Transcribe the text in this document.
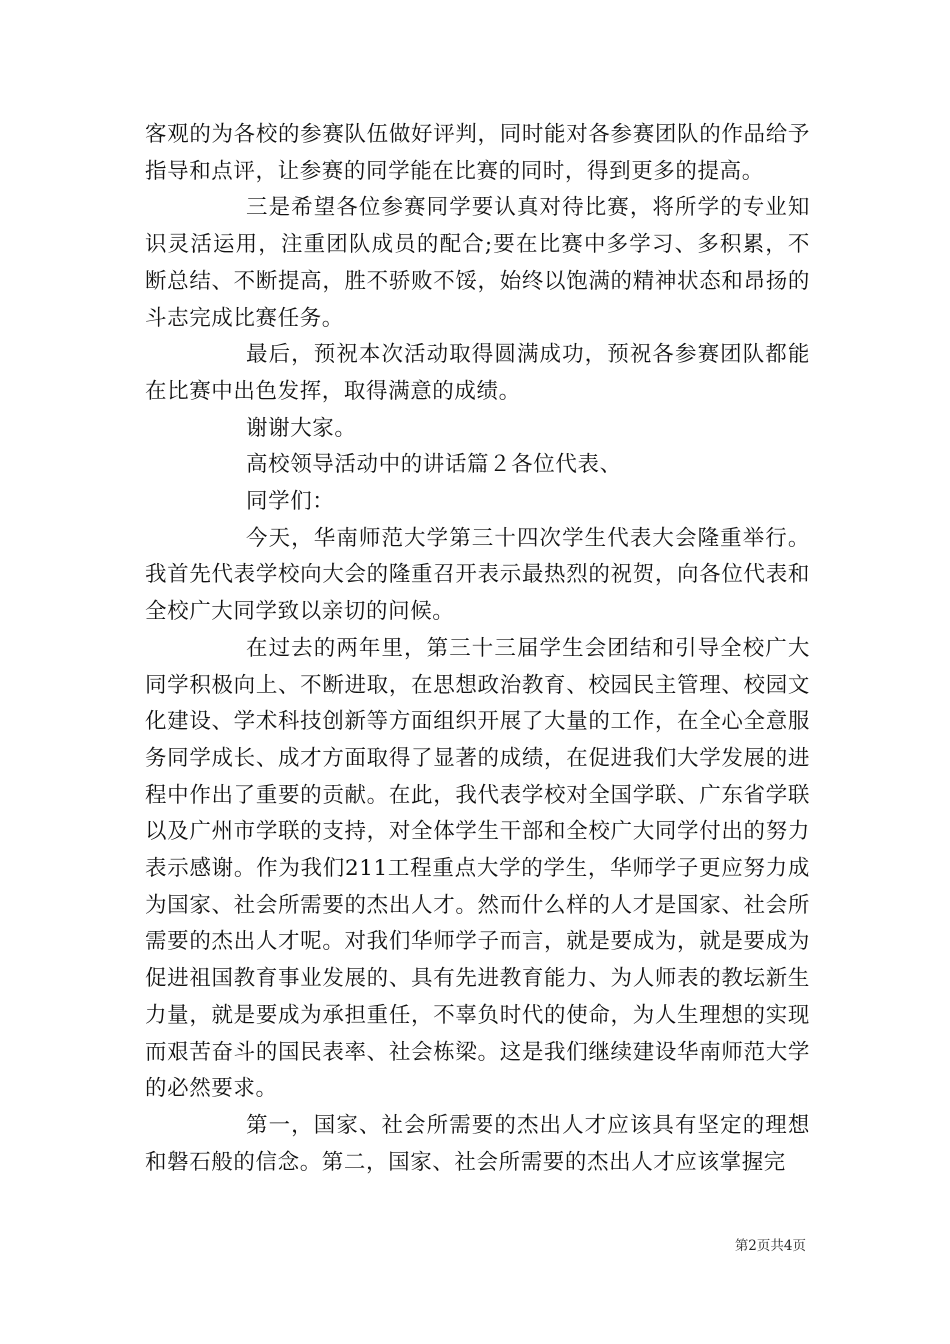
客观的为各校的参赛队伍做好评判，同时能对各参赛团队的作品给予指导和点评，让参赛的同学能在比赛的同时，得到更多的提高。

三是希望各位参赛同学要认真对待比赛，将所学的专业知识灵活运用，注重团队成员的配合;要在比赛中多学习、多积累，不断总结、不断提高，胜不骄败不馁，始终以饱满的精神状态和昂扬的斗志完成比赛任务。

最后，预祝本次活动取得圆满成功，预祝各参赛团队都能在比赛中出色发挥，取得满意的成绩。

谢谢大家。

高校领导活动中的讲话篇２各位代表、

同学们：

今天，华南师范大学第三十四次学生代表大会隆重举行。我首先代表学校向大会的隆重召开表示最热烈的祝贺，向各位代表和全校广大同学致以亲切的问候。

在过去的两年里，第三十三届学生会团结和引导全校广大同学积极向上、不断进取，在思想政治教育、校园民主管理、校园文化建设、学术科技创新等方面组织开展了大量的工作，在全心全意服务同学成长、成才方面取得了显著的成绩，在促进我们大学发展的进程中作出了重要的贡献。在此，我代表学校对全国学联、广东省学联以及广州市学联的支持，对全体学生干部和全校广大同学付出的努力表示感谢。作为我们211工程重点大学的学生，华师学子更应努力成为国家、社会所需要的杰出人才。然而什么样的人才是国家、社会所需要的杰出人才呢。对我们华师学子而言，就是要成为，就是要成为促进祖国教育事业发展的、具有先进教育能力、为人师表的教坛新生力量，就是要成为承担重任，不辜负时代的使命，为人生理想的实现而艰苦奋斗的国民表率、社会栋梁。这是我们继续建设华南师范大学的必然要求。

第一，国家、社会所需要的杰出人才应该具有坚定的理想和磐石般的信念。第二，国家、社会所需要的杰出人才应该掌握完

第2页共4页
